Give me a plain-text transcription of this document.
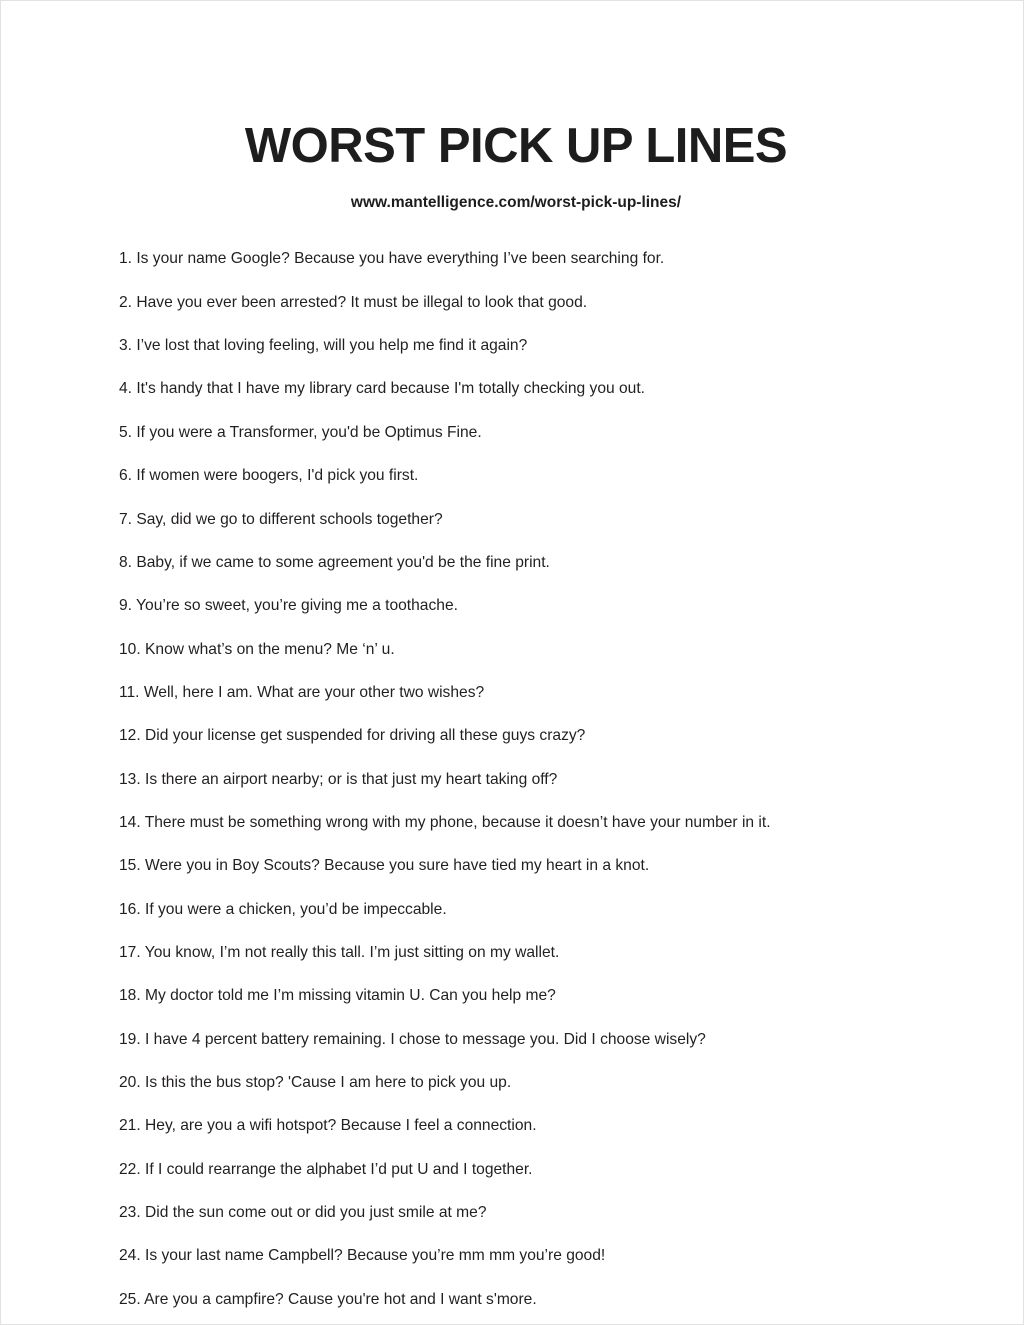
WORST PICK UP LINES
www.mantelligence.com/worst-pick-up-lines/
1. Is your name Google? Because you have everything I’ve been searching for.
2. Have you ever been arrested? It must be illegal to look that good.
3. I’ve lost that loving feeling, will you help me find it again?
4. It's handy that I have my library card because I'm totally checking you out.
5. If you were a Transformer, you'd be Optimus Fine.
6. If women were boogers, I'd pick you first.
7. Say, did we go to different schools together?
8. Baby, if we came to some agreement you'd be the fine print.
9. You’re so sweet, you’re giving me a toothache.
10. Know what’s on the menu? Me ‘n’ u.
11. Well, here I am. What are your other two wishes?
12. Did your license get suspended for driving all these guys crazy?
13. Is there an airport nearby; or is that just my heart taking off?
14. There must be something wrong with my phone, because it doesn’t have your number in it.
15. Were you in Boy Scouts? Because you sure have tied my heart in a knot.
16. If you were a chicken, you’d be impeccable.
17. You know, I’m not really this tall. I’m just sitting on my wallet.
18. My doctor told me I’m missing vitamin U. Can you help me?
19. I have 4 percent battery remaining. I chose to message you. Did I choose wisely?
20. Is this the bus stop? 'Cause I am here to pick you up.
21. Hey, are you a wifi hotspot? Because I feel a connection.
22. If I could rearrange the alphabet I’d put U and I together.
23. Did the sun come out or did you just smile at me?
24. Is your last name Campbell? Because you’re mm mm you’re good!
25. Are you a campfire? Cause you're hot and I want s'more.
